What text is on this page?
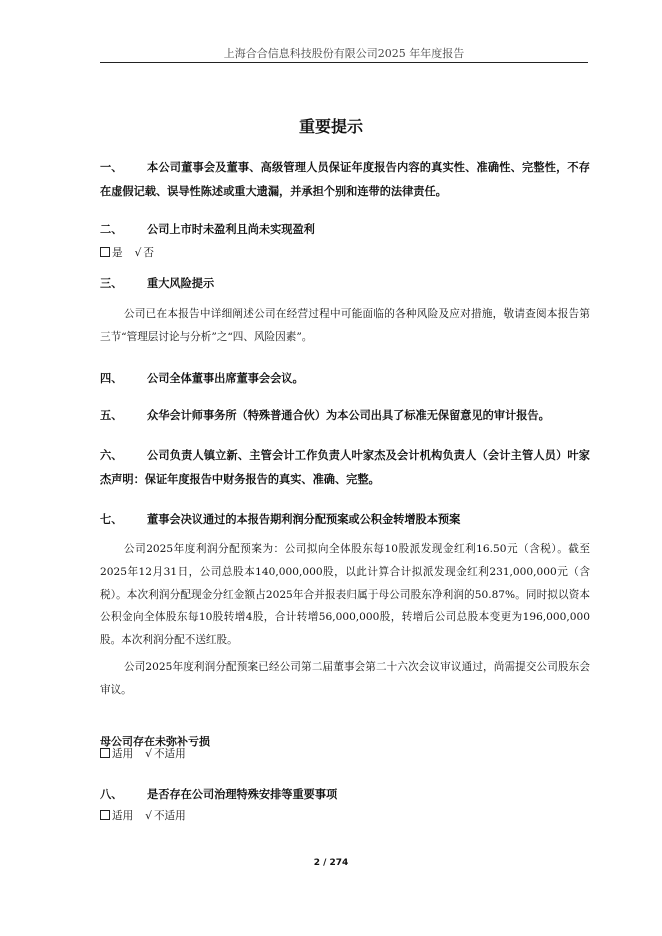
上海合合信息科技股份有限公司2025 年年度报告
重要提示
一、	本公司董事会及董事、高级管理人员保证年度报告内容的真实性、准确性、完整性，不存在虚假记载、误导性陈述或重大遗漏，并承担个别和连带的法律责任。
二、	公司上市时未盈利且尚未实现盈利
是 √ 否
三、	重大风险提示
公司已在本报告中详细阐述公司在经营过程中可能面临的各种风险及应对措施，敬请查阅本报告第三节“管理层讨论与分析”之“四、风险因素”。
四、	公司全体董事出席董事会会议。
五、	众华会计师事务所（特殊普通合伙）为本公司出具了标准无保留意见的审计报告。
六、	公司负责人镇立新、主管会计工作负责人叶家杰及会计机构负责人（会计主管人员）叶家杰声明：保证年度报告中财务报告的真实、准确、完整。
七、	董事会决议通过的本报告期利润分配预案或公积金转增股本预案
公司2025年度利润分配预案为：公司拟向全体股东每10股派发现金红利16.50元（含税）。截至2025年12月31日，公司总股本140,000,000股，以此计算合计拟派发现金红利231,000,000元（含税）。本次利润分配现金分红金额占2025年合并报表归属于母公司股东净利润的50.87%。同时拟以资本公积金向全体股东每10股转增4股，合计转增56,000,000股，转增后公司总股本变更为196,000,000股。本次利润分配不送红股。
公司2025年度利润分配预案已经公司第二届董事会第二十六次会议审议通过，尚需提交公司股东会审议。
母公司存在未弥补亏损
适用 √ 不适用
八、	是否存在公司治理特殊安排等重要事项
适用 √ 不适用
2 / 274
